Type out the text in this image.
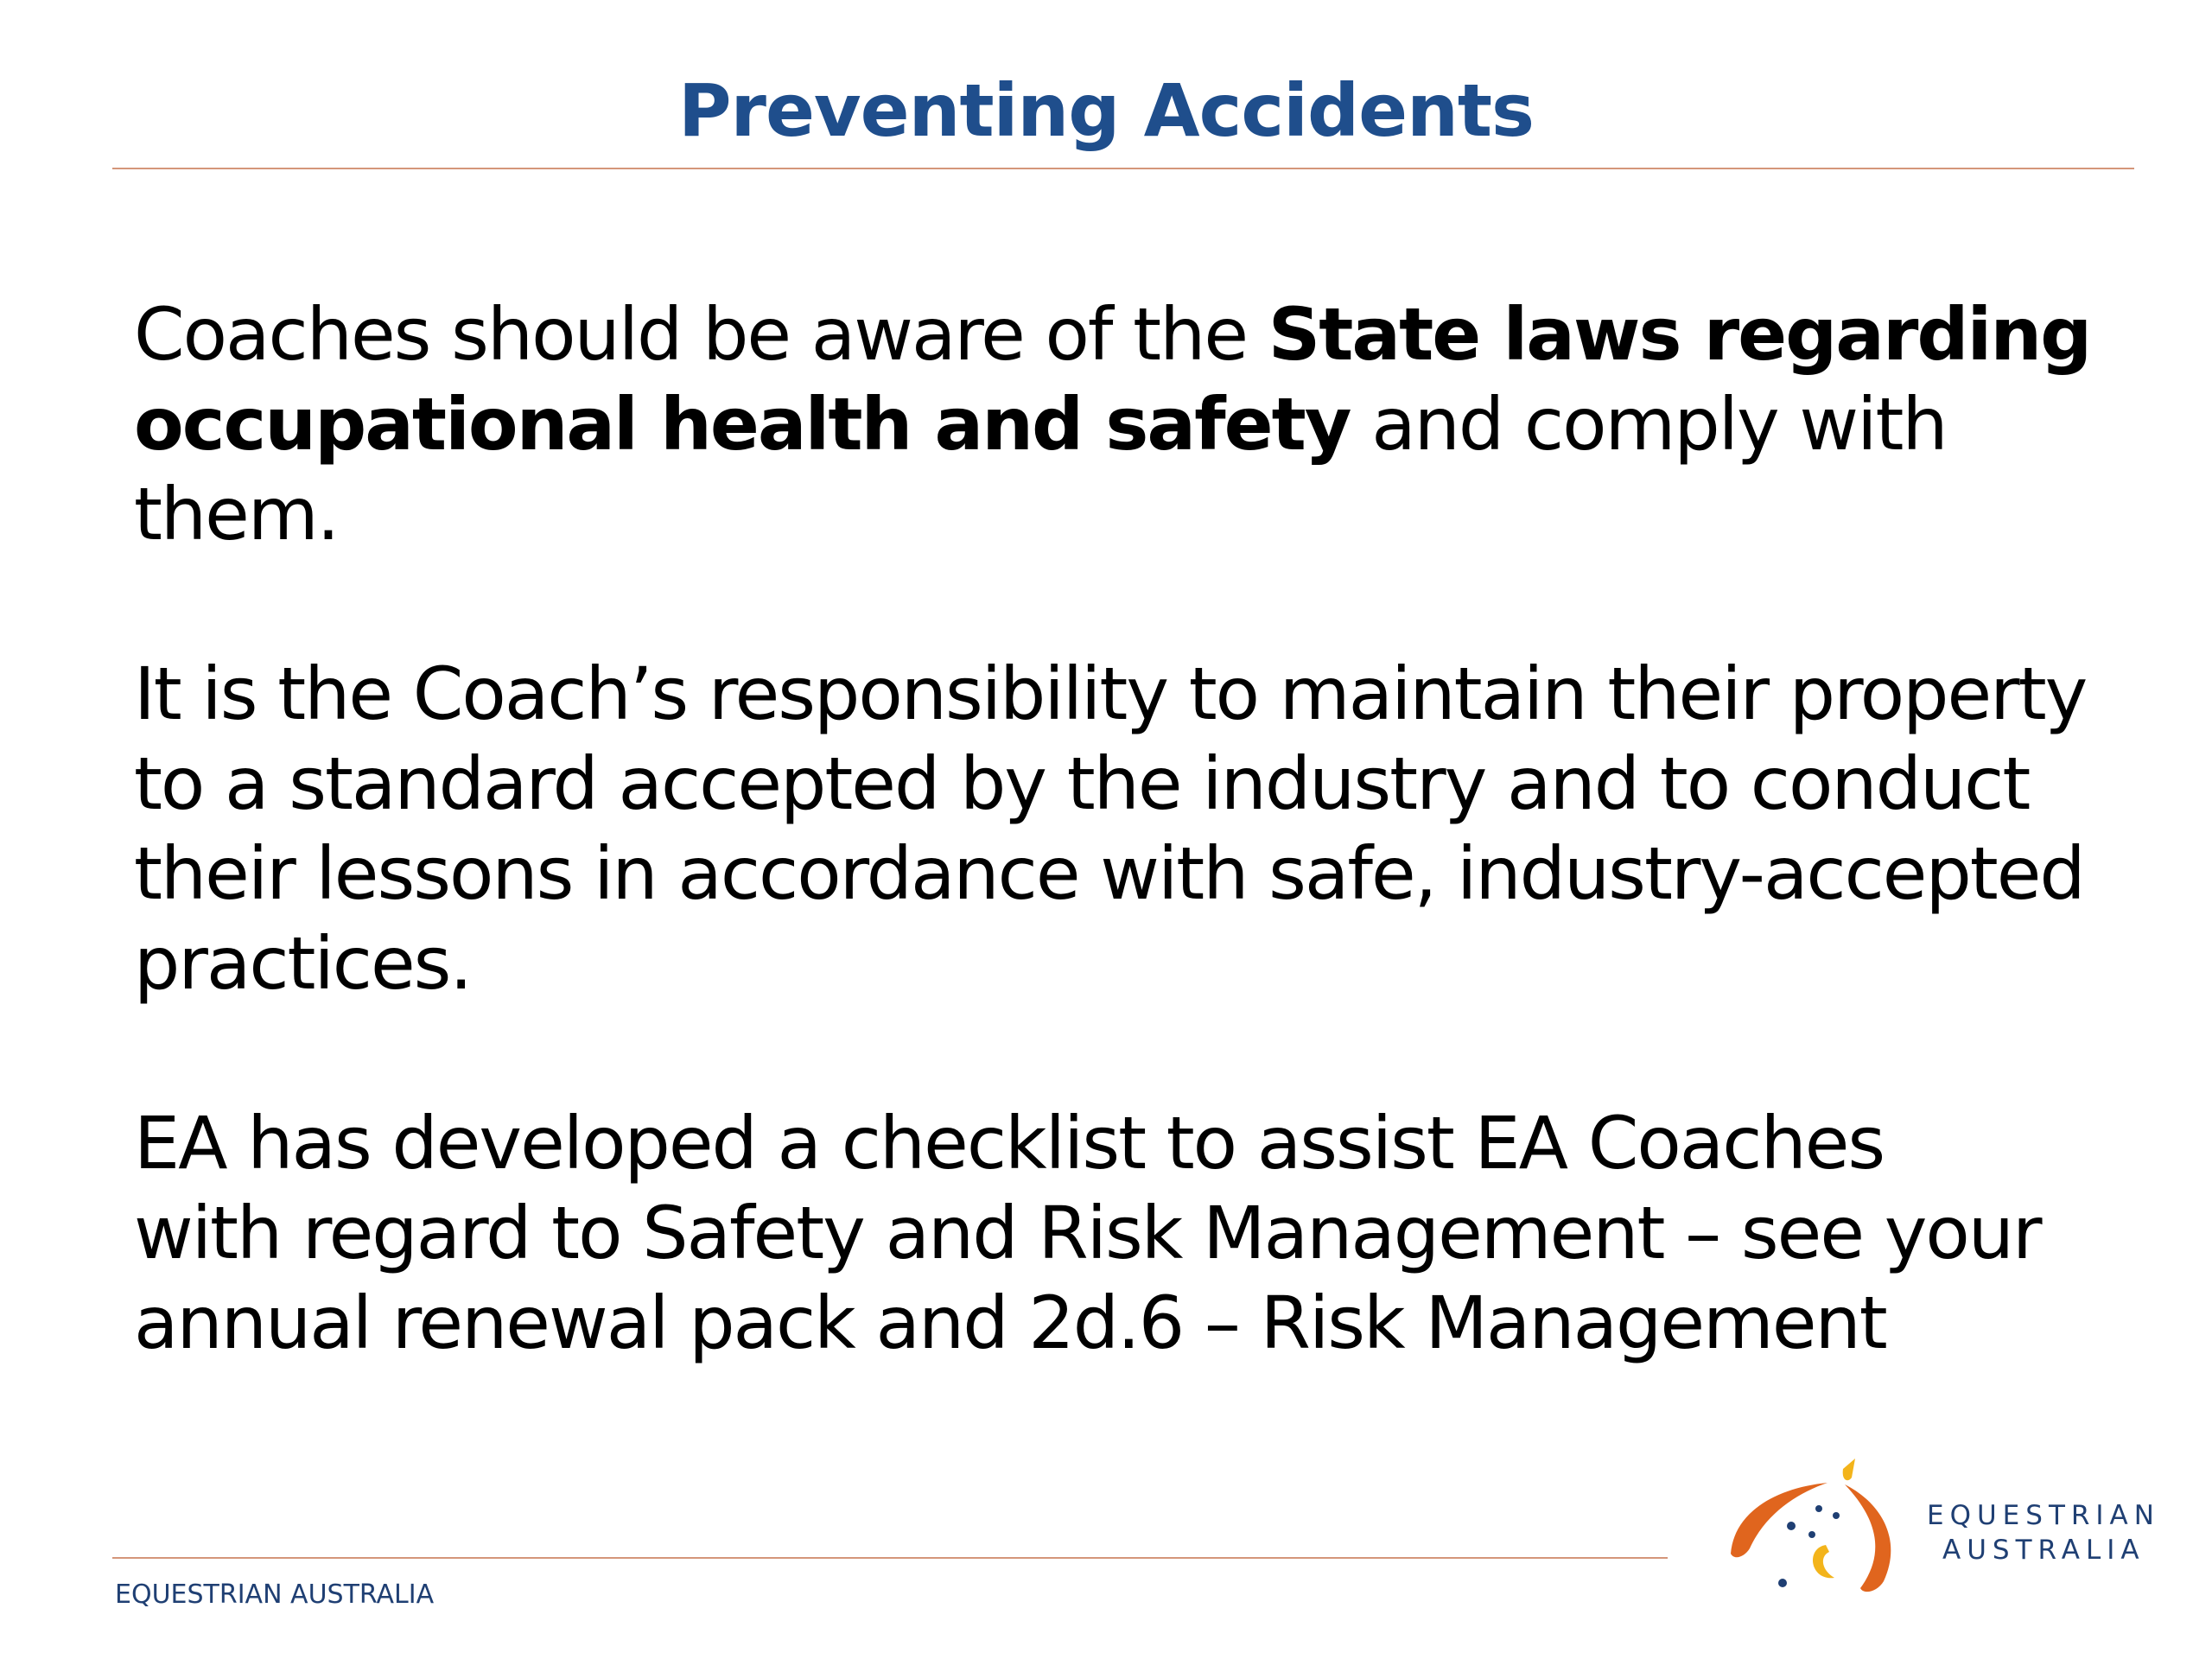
Preventing Accidents

Coaches should be aware of the State laws regarding occupational health and safety and comply with them.

It is the Coach’s responsibility to maintain their property to a standard accepted by the industry and to conduct their lessons in accordance with safe, industry-accepted practices.

EA has developed a checklist to assist EA Coaches
with regard to Safety and Risk Management – see your
annual renewal pack and 2d.6 – Risk Management

EQUESTRIAN AUSTRALIA
EQUESTRIAN
AUSTRALIA
